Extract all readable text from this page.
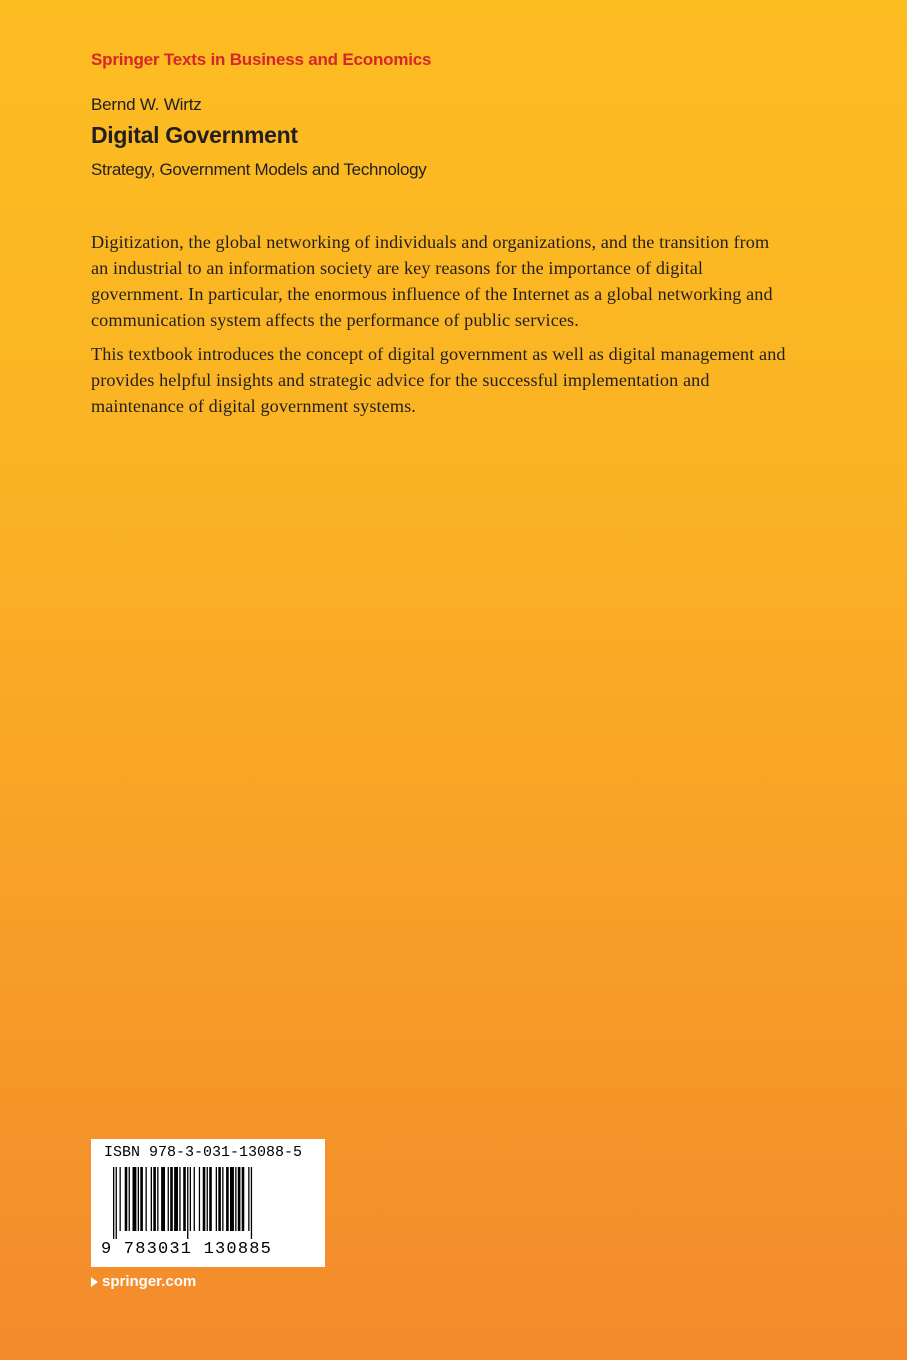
Springer Texts in Business and Economics
Bernd W. Wirtz
Digital Government
Strategy, Government Models and Technology

Digitization, the global networking of individuals and organizations, and the transition from an industrial to an information society are key reasons for the importance of digital government. In particular, the enormous influence of the Internet as a global networking and communication system affects the performance of public services.

This textbook introduces the concept of digital government as well as digital management and provides helpful insights and strategic advice for the successful implementation and maintenance of digital government systems.

ISBN 978-3-031-13088-5
9 783031 130885
springer.com
